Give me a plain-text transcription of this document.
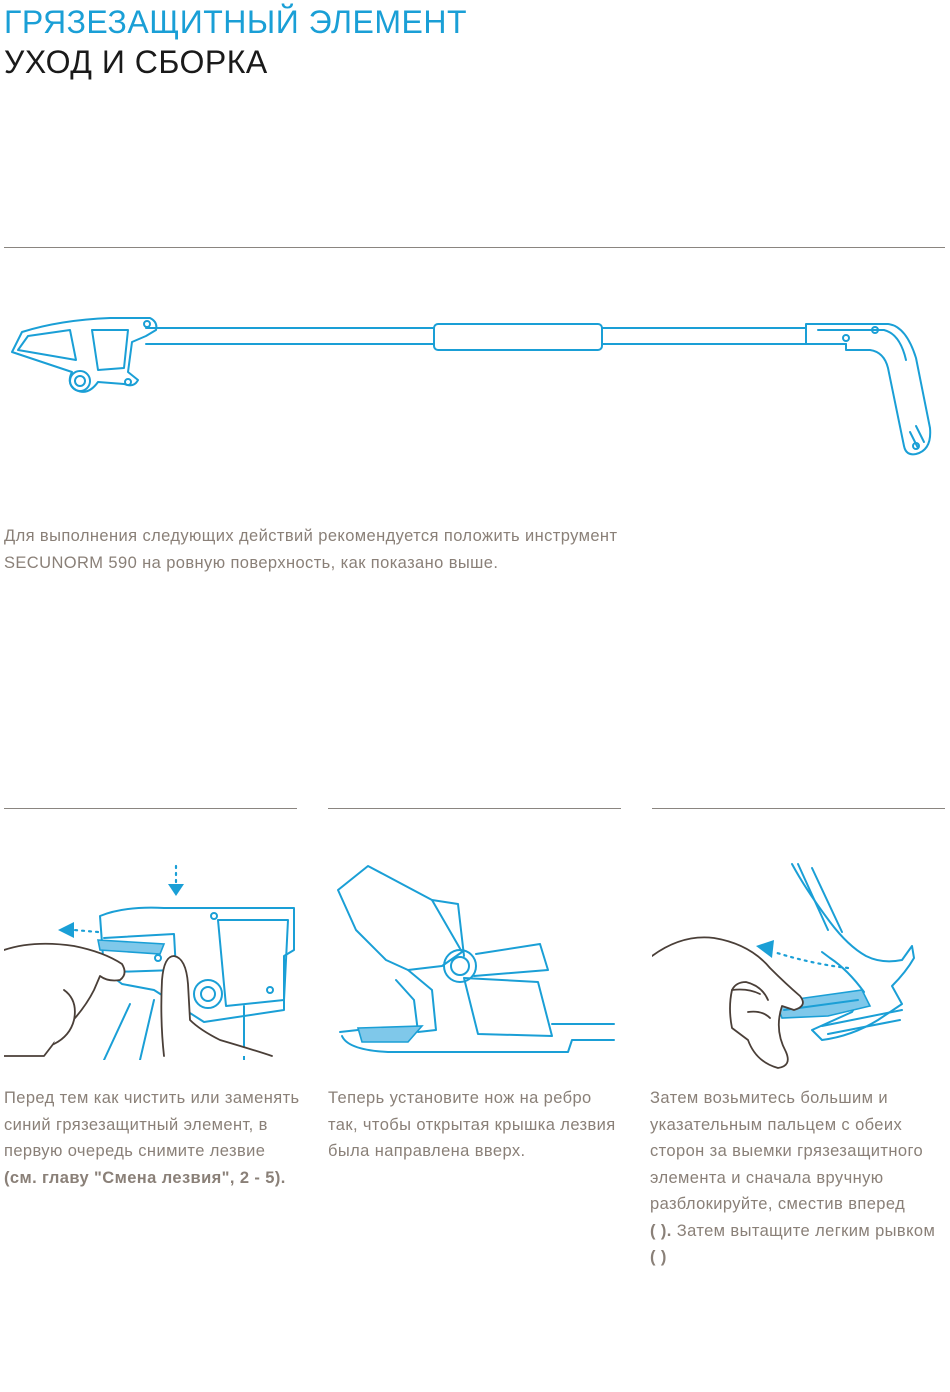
ГРЯЗЕЗАЩИТНЫЙ ЭЛЕМЕНТ
УХОД И СБОРКА

Для выполнения следующих действий рекомендуется положить инструмент SECUNORM 590 на ровную поверхность, как показано выше.

Перед тем как чистить или заменять синий грязезащитный элемент, в первую очередь снимите лезвие (см. главу "Смена лезвия", 2 - 5).

Теперь установите нож на ребро так, чтобы открытая крышка лезвия была направлена вверх.

Затем возьмитесь большим и указательным пальцем с обеих сторон за выемки грязезащитного элемента и сначала вручную разблокируйте, сместив вперед
( ). Затем вытащите легким рывком ( )
